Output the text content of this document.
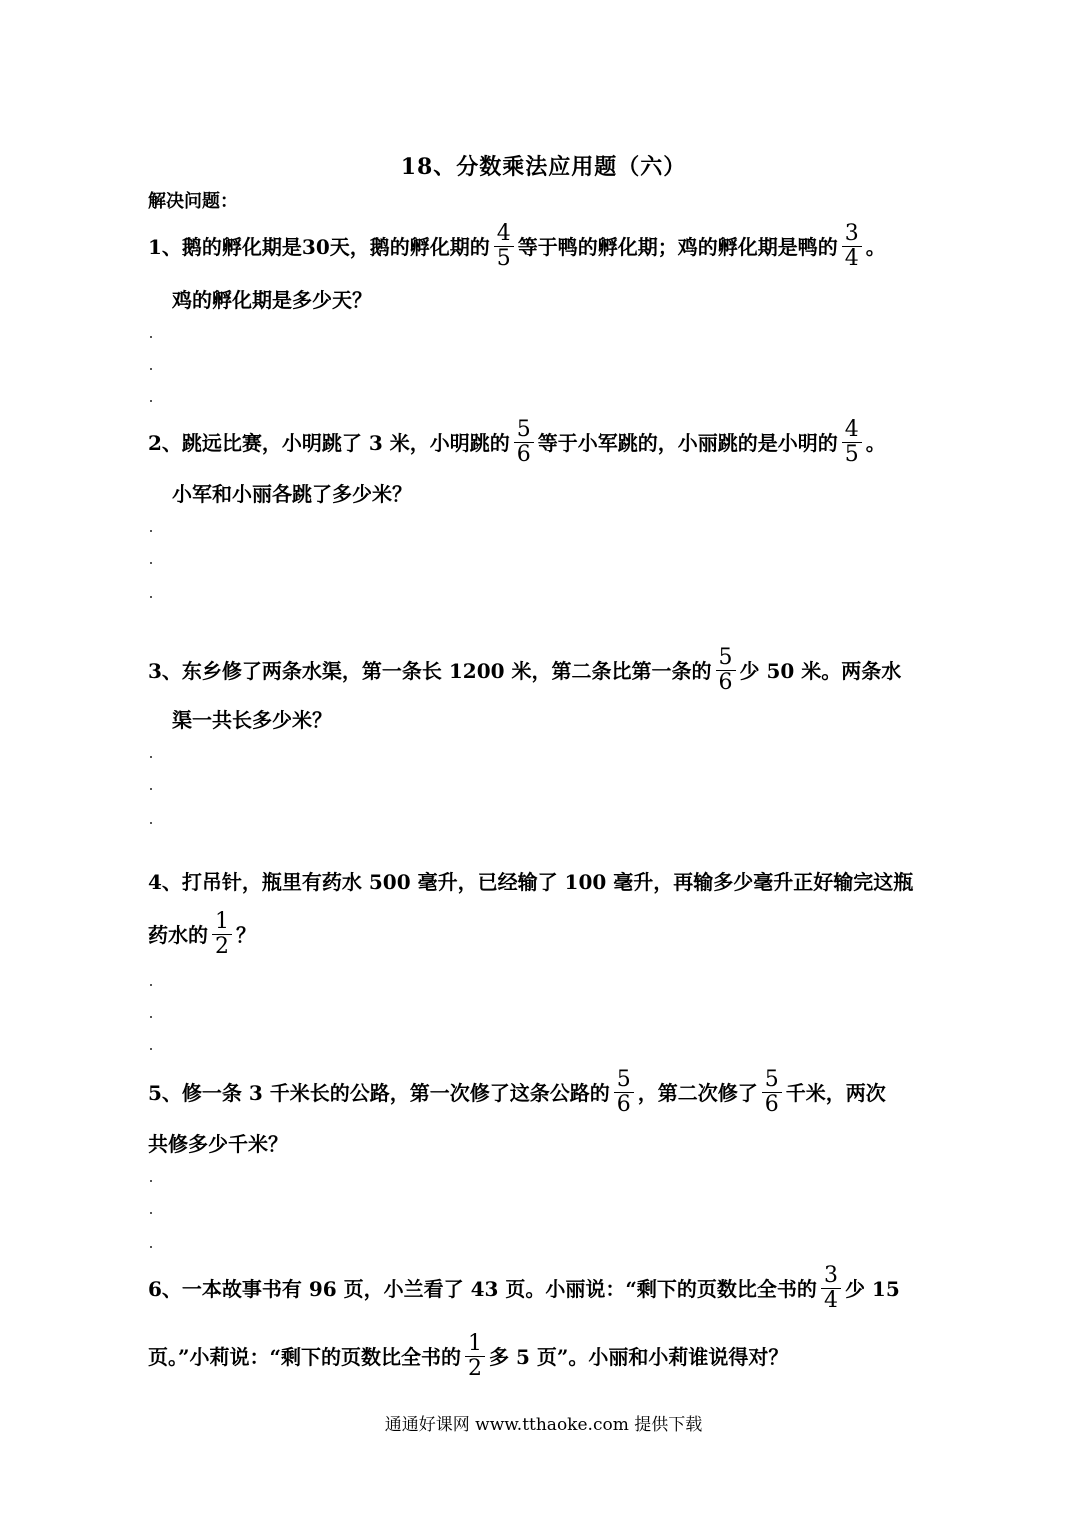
18、分数乘法应用题（六）
解决问题：
1、鹅的孵化期是30天，鹅的孵化期的 $\frac{4}{5}$ 等于鸭的孵化期；鸡的孵化期是鸭的 $\frac{3}{4}$ 。
鸡的孵化期是多少天？
2、跳远比赛，小明跳了 3 米，小明跳的 $\frac{5}{6}$ 等于小军跳的，小丽跳的是小明的 $\frac{4}{5}$ 。
小军和小丽各跳了多少米？
3、东乡修了两条水渠，第一条长 1200 米，第二条比第一条的 $\frac{5}{6}$ 少 50 米。两条水
渠一共长多少米？
4、打吊针，瓶里有药水 500 毫升，已经输了 100 毫升，再输多少毫升正好输完这瓶
药水的 $\frac{1}{2}$ ？
5、修一条 3 千米长的公路，第一次修了这条公路的 $\frac{5}{6}$ ，第二次修了 $\frac{5}{6}$ 千米，两次
共修多少千米？
6、一本故事书有 96 页，小兰看了 43 页。小丽说：“剩下的页数比全书的 $\frac{3}{4}$ 少 15
页。”小莉说：“剩下的页数比全书的 $\frac{1}{2}$ 多 5 页”。小丽和小莉谁说得对？
通通好课网 www.tthaoke.com 提供下载
